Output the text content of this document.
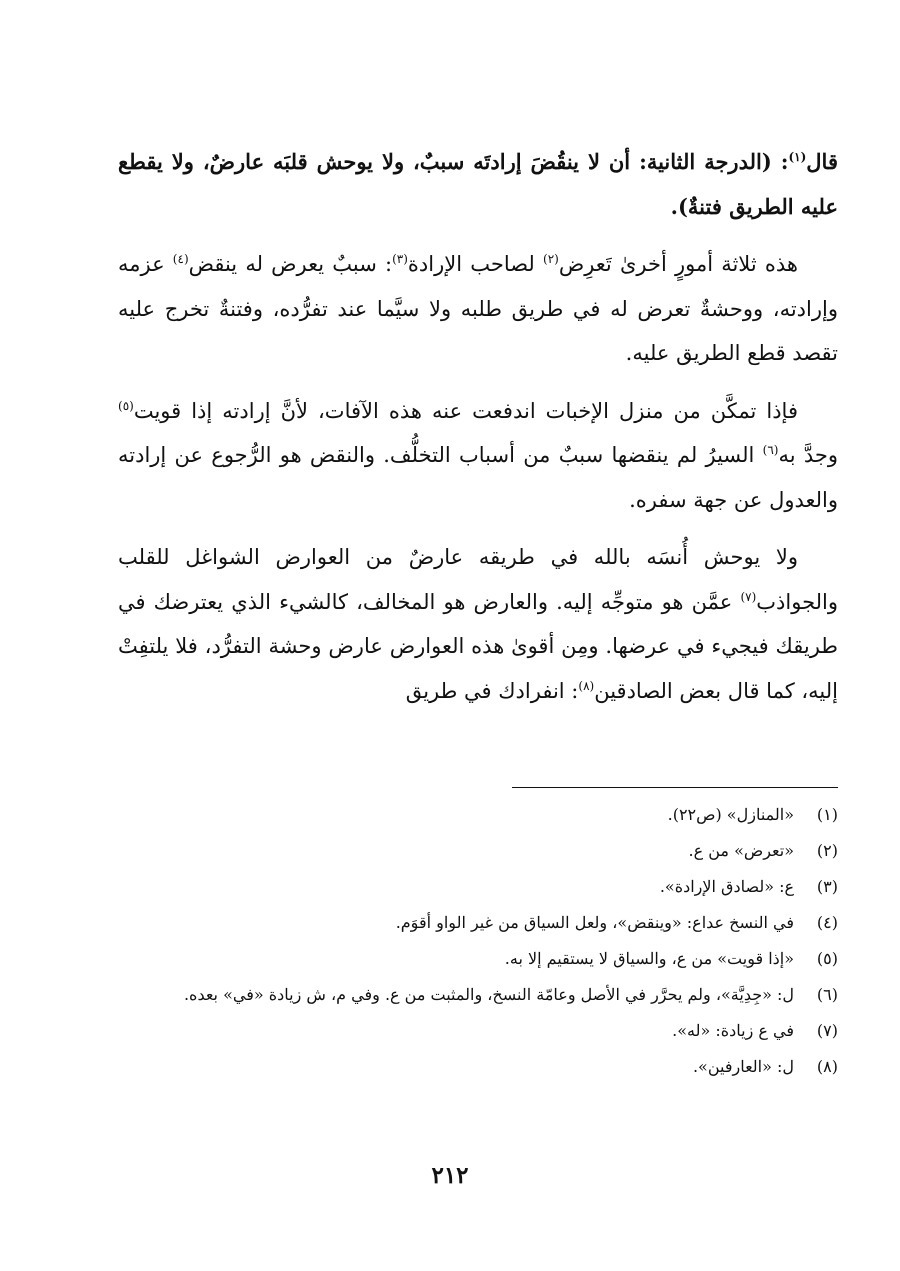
قال$^{(١)}$: (الدرجة الثانية: أن لا ينقُضَ إرادتَه سببٌ، ولا يوحش قلبَه عارضٌ، ولا يقطع عليه الطريق فتنةٌ).

هذه ثلاثة أمورٍ أخرىٰ تَعرِض$^{(٢)}$ لصاحب الإرادة$^{(٣)}$: سببٌ يعرض له ينقض$^{(٤)}$ عزمه وإرادته، ووحشةٌ تعرض له في طريق طلبه ولا سيَّما عند تفرُّده، وفتنةٌ تخرج عليه تقصد قطع الطريق عليه.

فإذا تمكَّن من منزل الإخبات اندفعت عنه هذه الآفات، لأنَّ إرادته إذا قويت$^{(٥)}$ وجدَّ به$^{(٦)}$ السيرُ لم ينقضها سببٌ من أسباب التخلُّف. والنقض هو الرُّجوع عن إرادته والعدول عن جهة سفره.

ولا يوحش أُنسَه بالله في طريقه عارضٌ من العوارض الشواغل للقلب والجواذب$^{(٧)}$ عمَّن هو متوجِّه إليه. والعارض هو المخالف، كالشيء الذي يعترضك في طريقك فيجيء في عرضها. ومِن أقوىٰ هذه العوارض عارض وحشة التفرُّد، فلا يلتفِتْ إليه، كما قال بعض الصادقين$^{(٨)}$: انفرادك في طريق

(١)
«المنازل» (ص٢٢).
(٢)
«تعرض» من ع.
(٣)
ع: «لصادق الإرادة».
(٤)
في النسخ عداع: «وينقض»، ولعل السياق من غير الواو أقوَم.
(٥)
«إذا قويت» من ع، والسياق لا يستقيم إلا به.
(٦)
ل: «جِدِيَّة»، ولم يحرَّر في الأصل وعامّة النسخ، والمثبت من ع. وفي م، ش زيادة «في» بعده.
(٧)
في ع زيادة: «له».
(٨)
ل: «العارفين».
٢١٢
